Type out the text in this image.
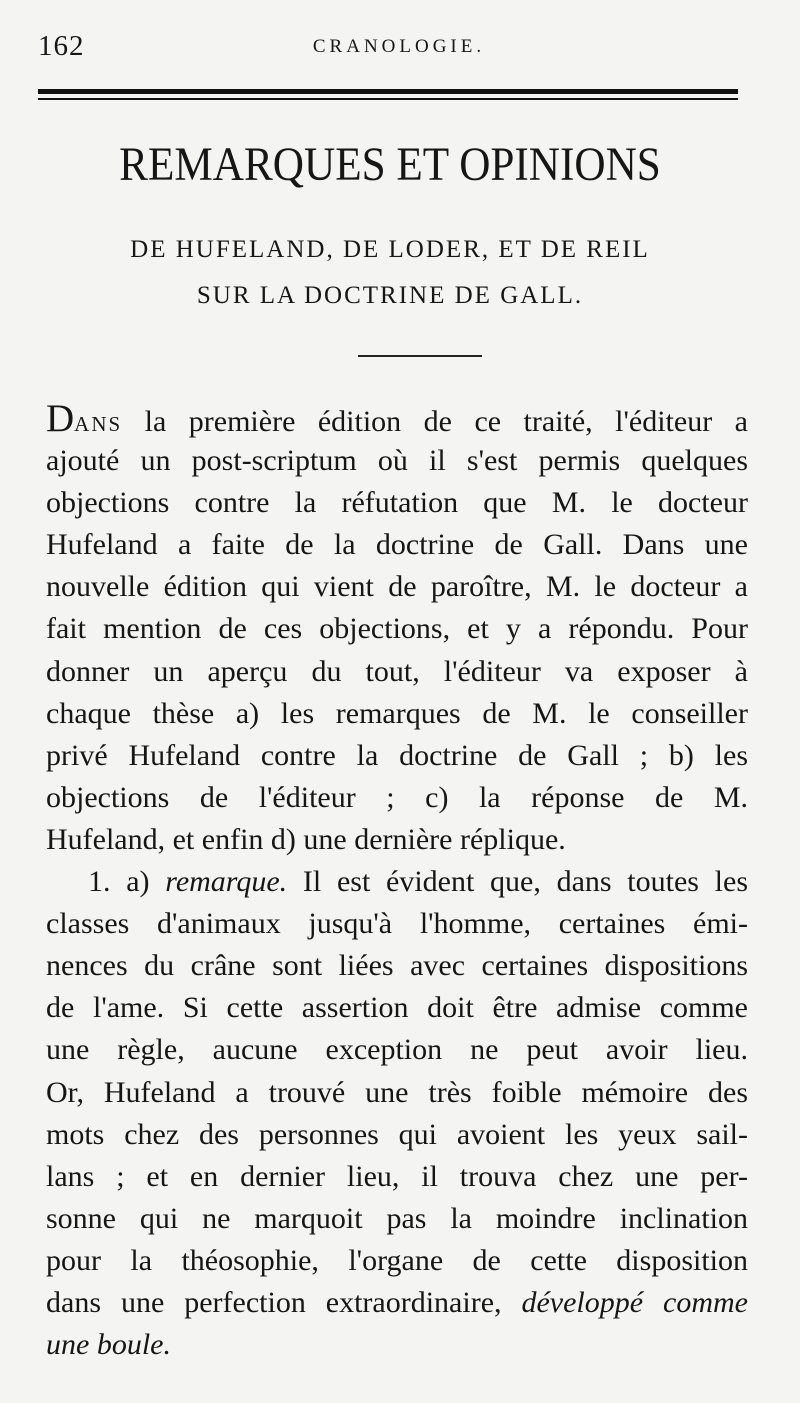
162	CRANOLOGIE.
REMARQUES ET OPINIONS
DE HUFELAND, DE LODER, ET DE REIL
SUR LA DOCTRINE DE GALL.
DANS la première édition de ce traité, l'éditeur a
ajouté un post-scriptum où il s'est permis quelques
objections contre la réfutation que M. le docteur
Hufeland a faite de la doctrine de Gall. Dans une
nouvelle édition qui vient de paroître, M. le docteur a
fait mention de ces objections, et y a répondu. Pour
donner un aperçu du tout, l'éditeur va exposer à
chaque thèse a) les remarques de M. le conseiller
privé Hufeland contre la doctrine de Gall ; b) les
objections de l'éditeur ; c) la réponse de M.
Hufeland, et enfin d) une dernière réplique.
1. a) remarque. Il est évident que, dans toutes les
classes d'animaux jusqu'à l'homme, certaines émi-
nences du crâne sont liées avec certaines dispositions
de l'ame. Si cette assertion doit être admise comme
une règle, aucune exception ne peut avoir lieu.
Or, Hufeland a trouvé une très foible mémoire des
mots chez des personnes qui avoient les yeux sail-
lans ; et en dernier lieu, il trouva chez une per-
sonne qui ne marquoit pas la moindre inclination
pour la théosophie, l'organe de cette disposition
dans une perfection extraordinaire, développé comme
une boule.
